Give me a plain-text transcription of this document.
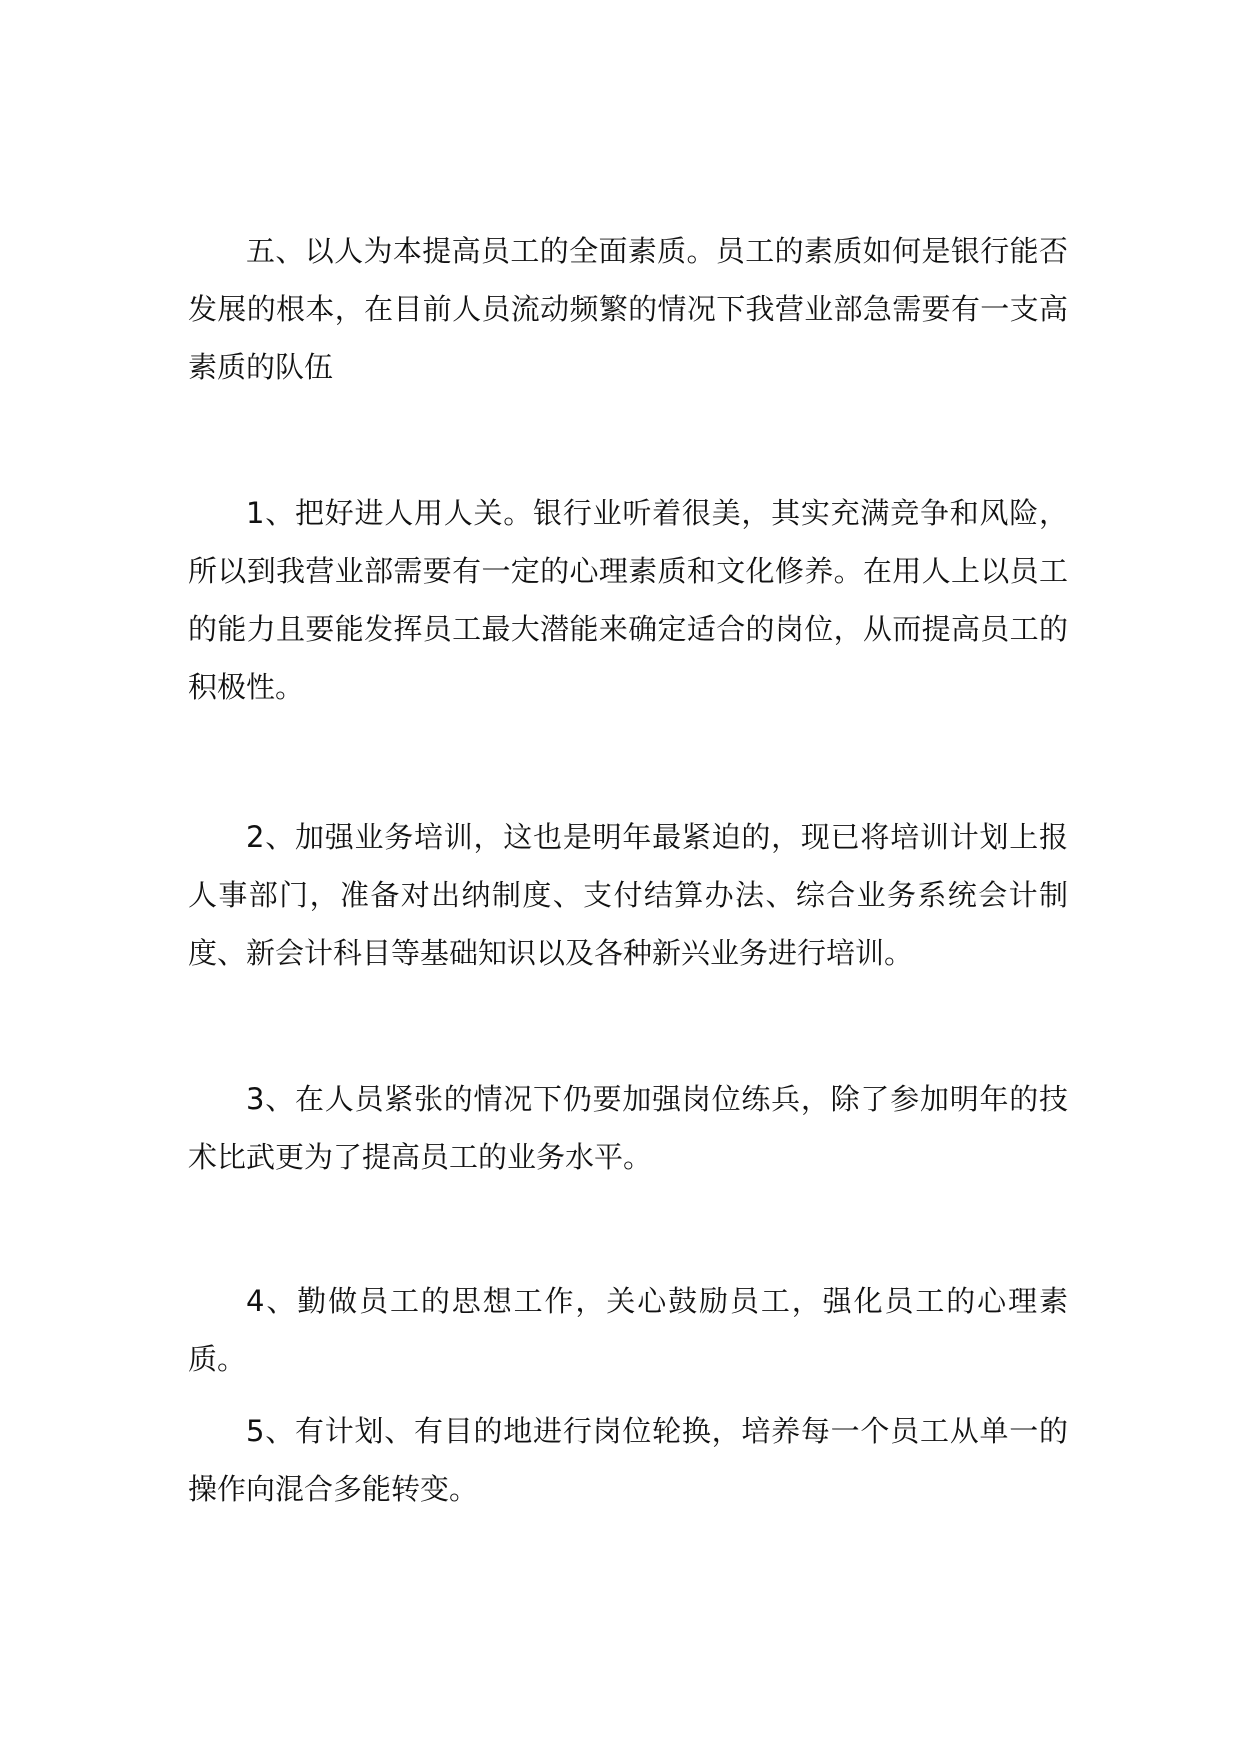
五、以人为本提高员工的全面素质。员工的素质如何是银行能否发展的根本，在目前人员流动频繁的情况下我营业部急需要有一支高素质的队伍

1、把好进人用人关。银行业听着很美，其实充满竞争和风险，所以到我营业部需要有一定的心理素质和文化修养。在用人上以员工的能力且要能发挥员工最大潜能来确定适合的岗位，从而提高员工的积极性。

2、加强业务培训，这也是明年最紧迫的，现已将培训计划上报人事部门，准备对出纳制度、支付结算办法、综合业务系统会计制度、新会计科目等基础知识以及各种新兴业务进行培训。

3、在人员紧张的情况下仍要加强岗位练兵，除了参加明年的技术比武更为了提高员工的业务水平。

4、勤做员工的思想工作，关心鼓励员工，强化员工的心理素质。

5、有计划、有目的地进行岗位轮换，培养每一个员工从单一的操作向混合多能转变。
